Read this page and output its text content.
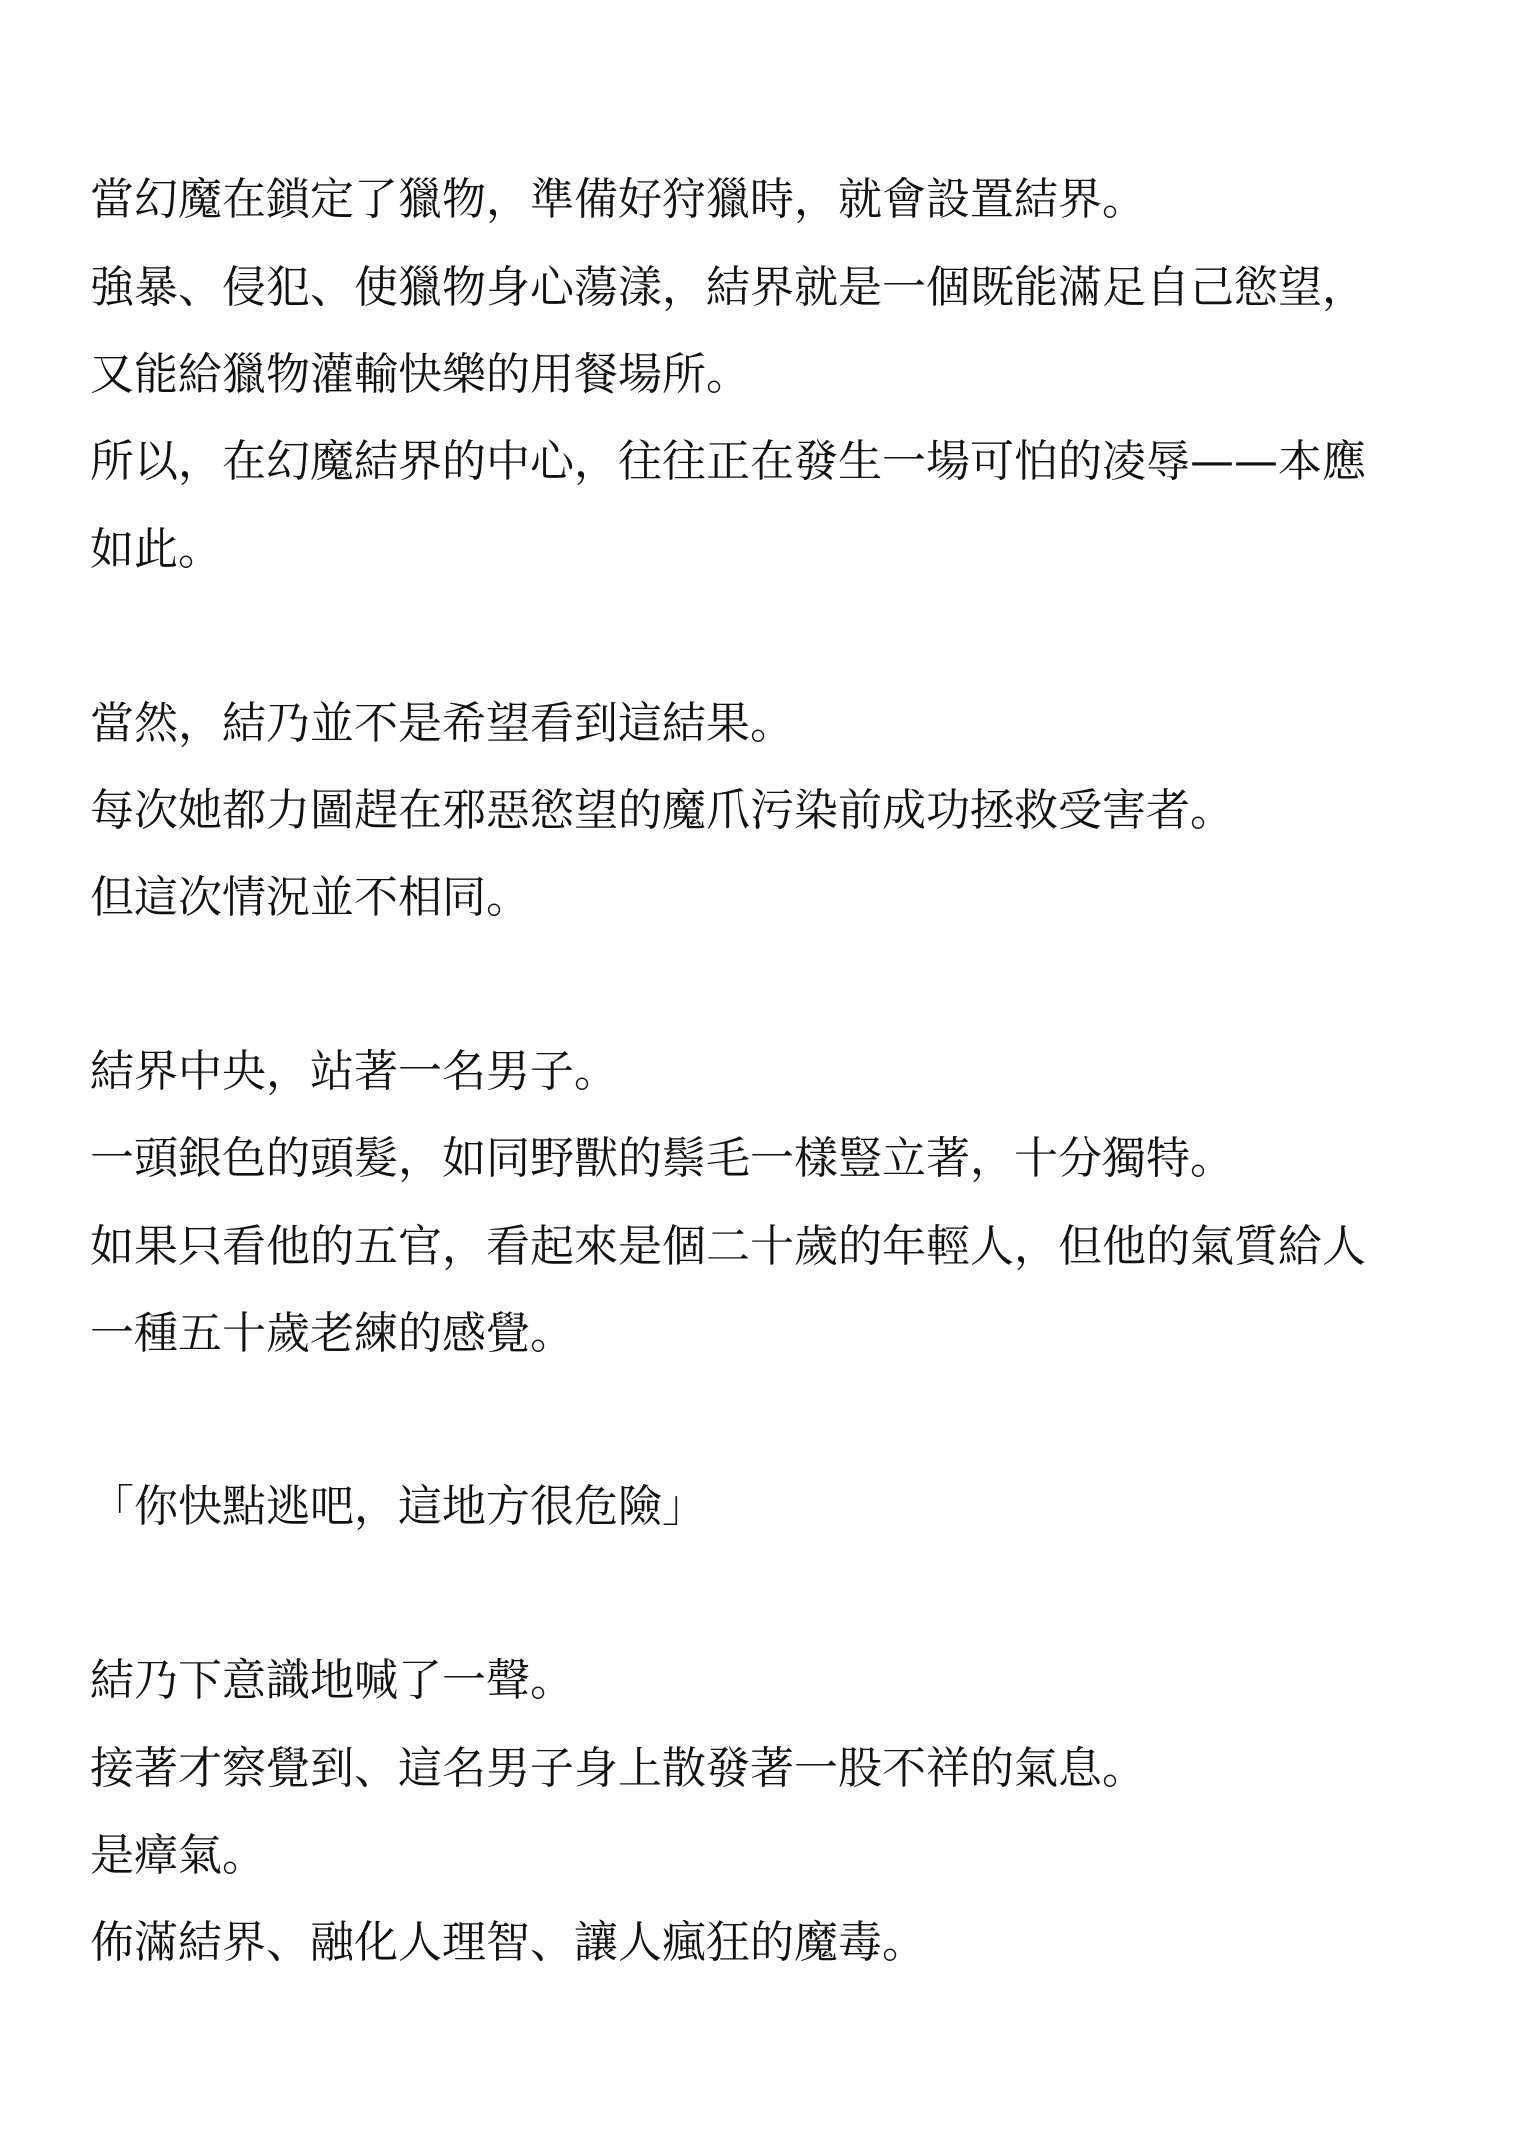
當幻魔在鎖定了獵物，準備好狩獵時，就會設置結界。

強暴、侵犯、使獵物身心蕩漾，結界就是一個既能滿足自己慾望，

又能給獵物灌輸快樂的用餐場所。

所以，在幻魔結界的中心，往往正在發生一場可怕的凌辱——本應

如此。

當然，結乃並不是希望看到這結果。

每次她都力圖趕在邪惡慾望的魔爪污染前成功拯救受害者。

但這次情況並不相同。

結界中央，站著一名男子。

一頭銀色的頭髮，如同野獸的鬃毛一樣豎立著，十分獨特。

如果只看他的五官，看起來是個二十歲的年輕人，但他的氣質給人

一種五十歲老練的感覺。

「你快點逃吧，這地方很危險」

結乃下意識地喊了一聲。

接著才察覺到、這名男子身上散發著一股不祥的氣息。

是瘴氣。

佈滿結界、融化人理智、讓人瘋狂的魔毒。
